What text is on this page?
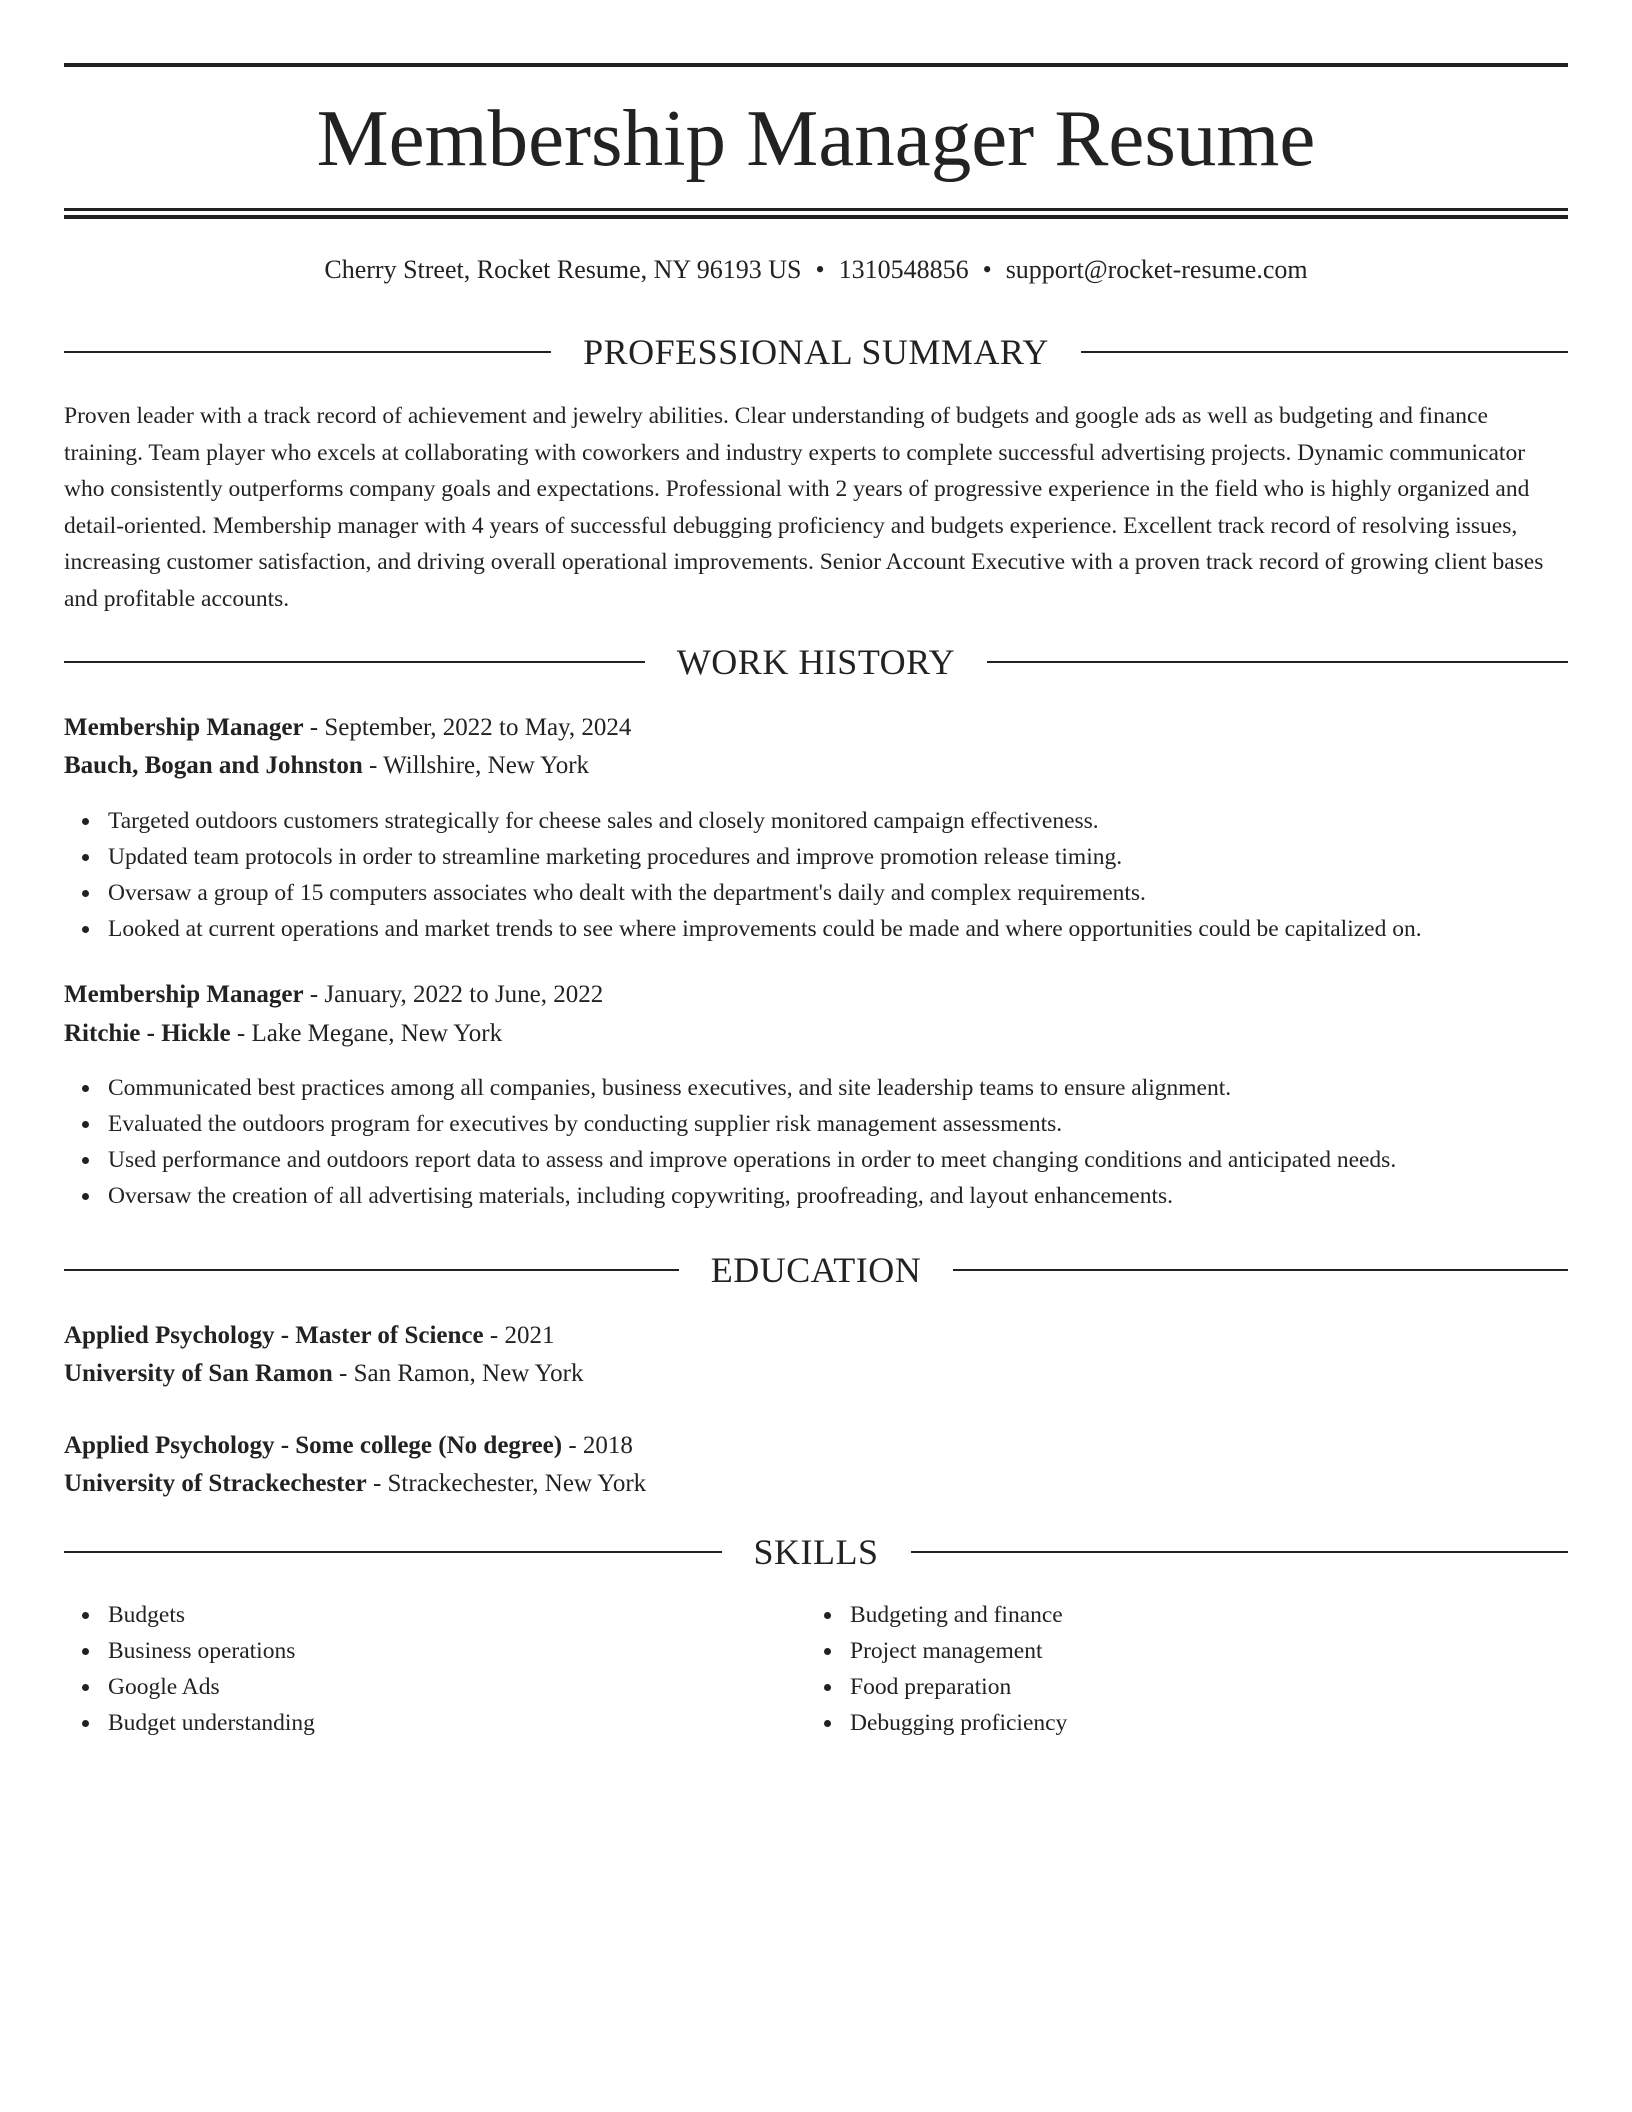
Membership Manager Resume
Cherry Street, Rocket Resume, NY 96193 US • 1310548856 • support@rocket-resume.com
PROFESSIONAL SUMMARY

Proven leader with a track record of achievement and jewelry abilities. Clear understanding of budgets and google ads as well as budgeting and finance training. Team player who excels at collaborating with coworkers and industry experts to complete successful advertising projects. Dynamic communicator who consistently outperforms company goals and expectations. Professional with 2 years of progressive experience in the field who is highly organized and detail-oriented. Membership manager with 4 years of successful debugging proficiency and budgets experience. Excellent track record of resolving issues, increasing customer satisfaction, and driving overall operational improvements. Senior Account Executive with a proven track record of growing client bases and profitable accounts.

WORK HISTORY
Membership Manager - September, 2022 to May, 2024
Bauch, Bogan and Johnston - Willshire, New York
Targeted outdoors customers strategically for cheese sales and closely monitored campaign effectiveness.
Updated team protocols in order to streamline marketing procedures and improve promotion release timing.
Oversaw a group of 15 computers associates who dealt with the department's daily and complex requirements.
Looked at current operations and market trends to see where improvements could be made and where opportunities could be capitalized on.
Membership Manager - January, 2022 to June, 2022
Ritchie - Hickle - Lake Megane, New York
Communicated best practices among all companies, business executives, and site leadership teams to ensure alignment.
Evaluated the outdoors program for executives by conducting supplier risk management assessments.
Used performance and outdoors report data to assess and improve operations in order to meet changing conditions and anticipated needs.
Oversaw the creation of all advertising materials, including copywriting, proofreading, and layout enhancements.
EDUCATION
Applied Psychology - Master of Science - 2021
University of San Ramon - San Ramon, New York
Applied Psychology - Some college (No degree) - 2018
University of Strackechester - Strackechester, New York
SKILLS
Budgets
Business operations
Google Ads
Budget understanding
Budgeting and finance
Project management
Food preparation
Debugging proficiency
